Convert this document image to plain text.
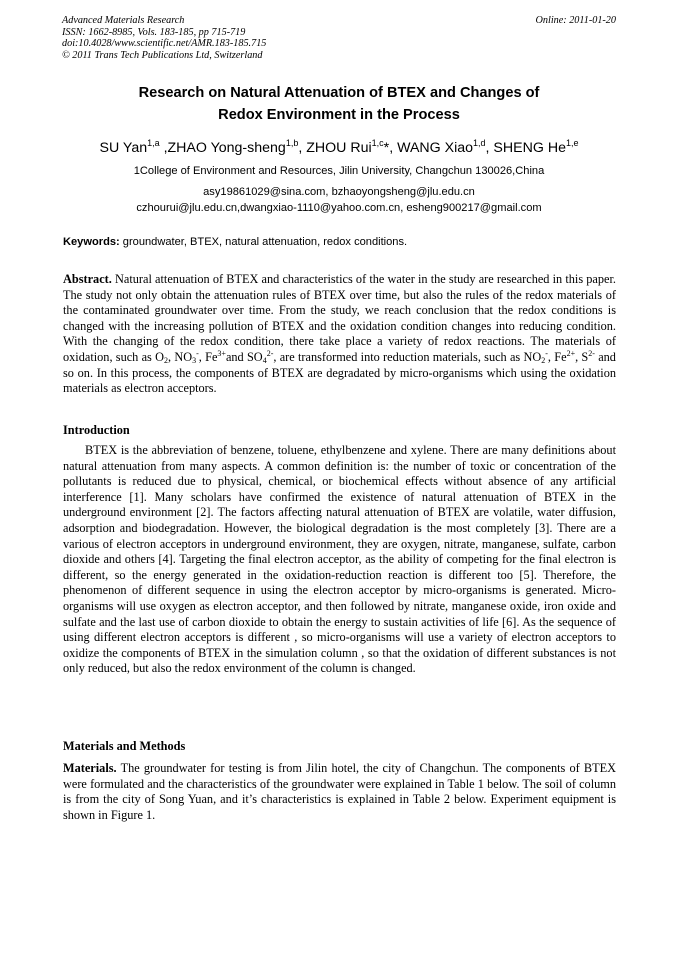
Advanced Materials Research
ISSN: 1662-8985, Vols. 183-185, pp 715-719
doi:10.4028/www.scientific.net/AMR.183-185.715
© 2011 Trans Tech Publications Ltd, Switzerland
Online: 2011-01-20
Research on Natural Attenuation of BTEX and Changes of
Redox Environment in the Process
SU Yan$^{1,a}$ ,ZHAO Yong-sheng$^{1,b}$, ZHOU Rui$^{1,c}$*, WANG Xiao$^{1,d}$, SHENG He$^{1,e}$
1College of Environment and Resources, Jilin University, Changchun 130026,China
asy19861029@sina.com, bzhaoyongsheng@jlu.edu.cn
czhourui@jlu.edu.cn,dwangxiao-1110@yahoo.com.cn, esheng900217@gmail.com
Keywords: groundwater, BTEX, natural attenuation, redox conditions.
Abstract. Natural attenuation of BTEX and characteristics of the water in the study are researched in this paper. The study not only obtain the attenuation rules of BTEX over time, but also the rules of the redox materials of the contaminated groundwater over time. From the study, we reach conclusion that the redox conditions is changed with the increasing pollution of BTEX and the oxidation condition changes into reducing condition. With the changing of the redox condition, there take place a variety of redox reactions. The materials of oxidation, such as $O_2$, $NO_3^-$, $Fe^{3+}and$ $SO_4^{2-}$, are transformed into reduction materials, such as $NO_2^-$, $Fe^{2+}$, $S^{2-}$ and so on. In this process, the components of BTEX are degradated by micro-organisms which using the oxidation materials as electron acceptors.
Introduction
BTEX is the abbreviation of benzene, toluene, ethylbenzene and xylene. There are many definitions about natural attenuation from many aspects. A common definition is: the number of toxic or concentration of the pollutants is reduced due to physical, chemical, or biochemical effects without absence of any artificial interference [1]. Many scholars have confirmed the existence of natural attenuation of BTEX in the underground environment [2]. The factors affecting natural attenuation of BTEX are volatile, water diffusion, adsorption and biodegradation. However, the biological degradation is the most completely [3]. There are a various of electron acceptors in underground environment, they are oxygen, nitrate, manganese, sulfate, carbon dioxide and others [4]. Targeting the final electron acceptor, as the ability of competing for the final electron is different, so the energy generated in the oxidation-reduction reaction is different too [5]. Therefore, the phenomenon of different sequence in using the electron acceptor by micro-organisms is generated. Micro-organisms will use oxygen as electron acceptor, and then followed by nitrate, manganese oxide, iron oxide and sulfate and the last use of carbon dioxide to obtain the energy to sustain activities of life [6]. As the sequence of using different electron acceptors is different , so micro-organisms will use a variety of electron acceptors to oxidize the components of BTEX in the simulation column , so that the oxidation of different substances is not only reduced, but also the redox environment of the column is changed.
Materials and Methods
Materials. The groundwater for testing is from Jilin hotel, the city of Changchun. The components of BTEX were formulated and the characteristics of the groundwater were explained in Table 1 below. The soil of column is from the city of Song Yuan, and it’s characteristics is explained in Table 2 below. Experiment equipment is shown in Figure 1.
